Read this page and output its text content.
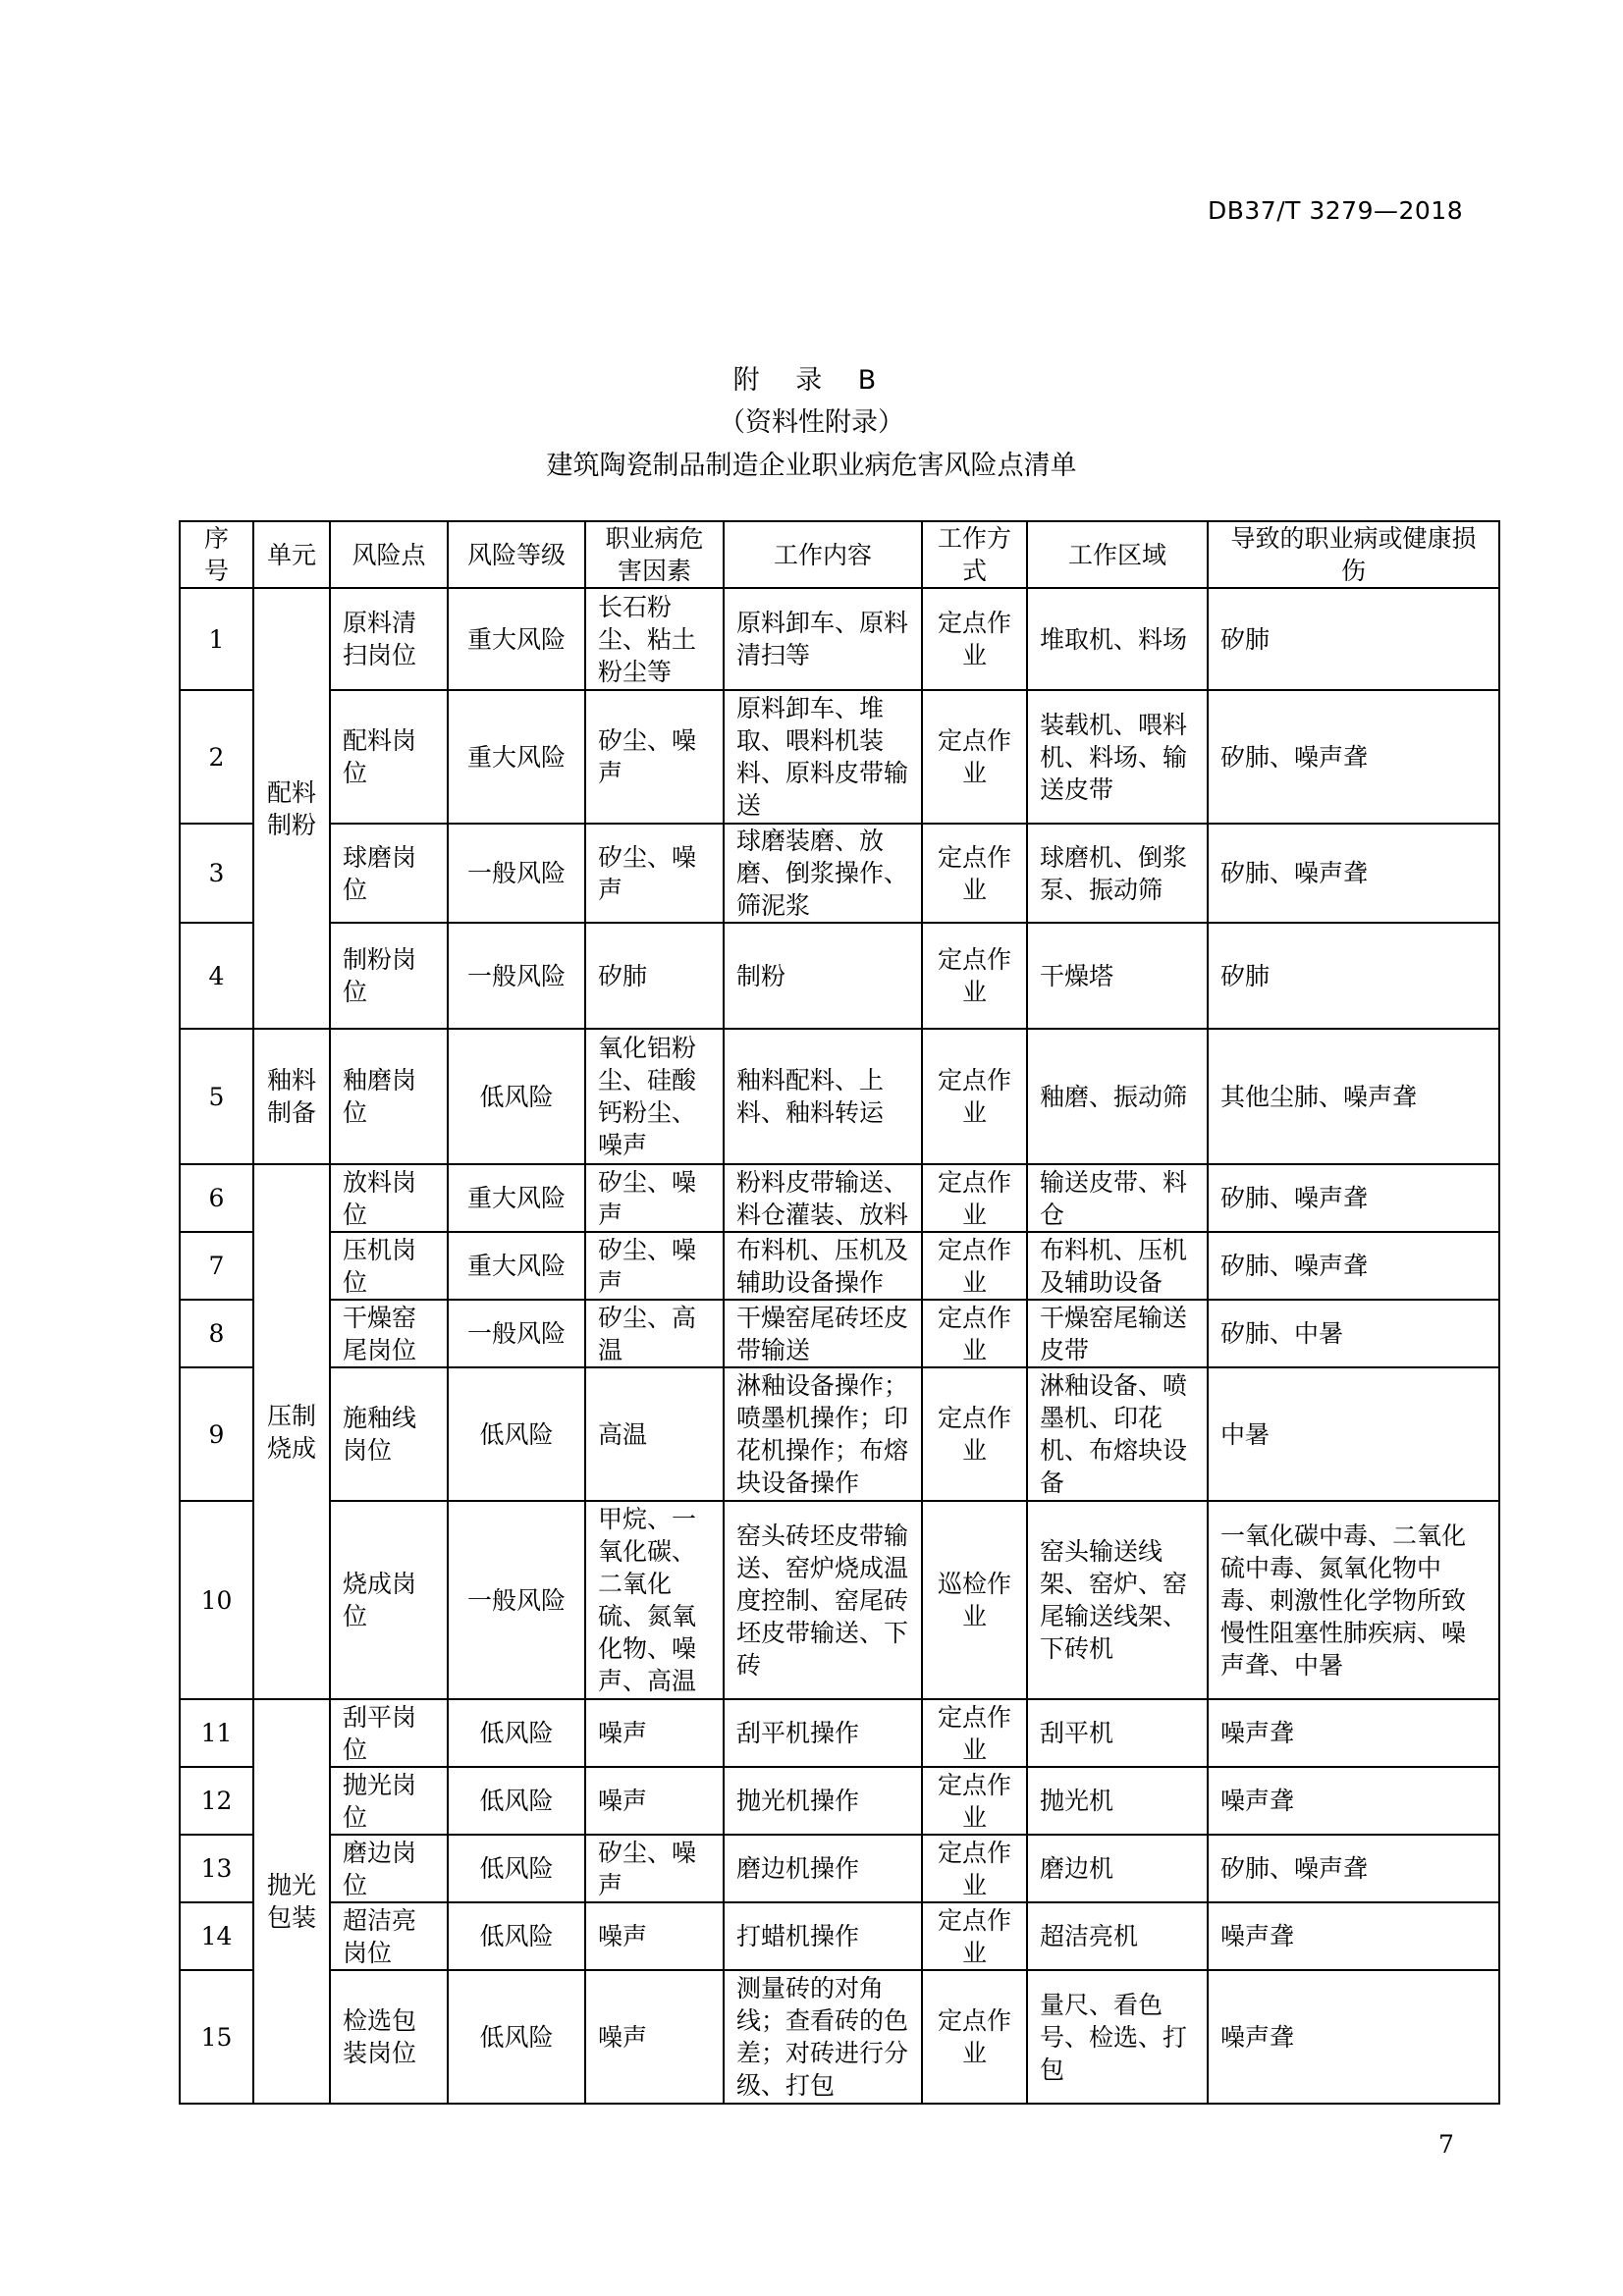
DB37/T 3279—2018
附 录 B
（资料性附录）
建筑陶瓷制品制造企业职业病危害风险点清单
序号	单元	风险点	风险等级	职业病危害因素	工作内容	工作方式	工作区域	导致的职业病或健康损伤
1	配料制粉	原料清扫岗位	重大风险	长石粉尘、粘土粉尘等	原料卸车、原料清扫等	定点作业	堆取机、料场	矽肺
2		配料岗位	重大风险	矽尘、噪声	原料卸车、堆取、喂料机装料、原料皮带输送	定点作业	装载机、喂料机、料场、输送皮带	矽肺、噪声聋
3		球磨岗位	一般风险	矽尘、噪声	球磨装磨、放磨、倒浆操作、筛泥浆	定点作业	球磨机、倒浆泵、振动筛	矽肺、噪声聋
4		制粉岗位	一般风险	矽肺	制粉	定点作业	干燥塔	矽肺
5	釉料制备	釉磨岗位	低风险	氧化铝粉尘、硅酸钙粉尘、噪声	釉料配料、上料、釉料转运	定点作业	釉磨、振动筛	其他尘肺、噪声聋
6	压制烧成	放料岗位	重大风险	矽尘、噪声	粉料皮带输送、料仓灌装、放料	定点作业	输送皮带、料仓	矽肺、噪声聋
7		压机岗位	重大风险	矽尘、噪声	布料机、压机及辅助设备操作	定点作业	布料机、压机及辅助设备	矽肺、噪声聋
8		干燥窑尾岗位	一般风险	矽尘、高温	干燥窑尾砖坯皮带输送	定点作业	干燥窑尾输送皮带	矽肺、中暑
9		施釉线岗位	低风险	高温	淋釉设备操作；喷墨机操作；印花机操作；布熔块设备操作	定点作业	淋釉设备、喷墨机、印花机、布熔块设备	中暑
10		烧成岗位	一般风险	甲烷、一氧化碳、二氧化硫、氮氧化物、噪声、高温	窑头砖坯皮带输送、窑炉烧成温度控制、窑尾砖坯皮带输送、下砖	巡检作业	窑头输送线架、窑炉、窑尾输送线架、下砖机	一氧化碳中毒、二氧化硫中毒、氮氧化物中毒、刺激性化学物所致慢性阻塞性肺疾病、噪声聋、中暑
11	抛光包装	刮平岗位	低风险	噪声	刮平机操作	定点作业	刮平机	噪声聋
12		抛光岗位	低风险	噪声	抛光机操作	定点作业	抛光机	噪声聋
13		磨边岗位	低风险	矽尘、噪声	磨边机操作	定点作业	磨边机	矽肺、噪声聋
14		超洁亮岗位	低风险	噪声	打蜡机操作	定点作业	超洁亮机	噪声聋
15		检选包装岗位	低风险	噪声	测量砖的对角线；查看砖的色差；对砖进行分级、打包	定点作业	量尺、看色号、检选、打包	噪声聋
7
